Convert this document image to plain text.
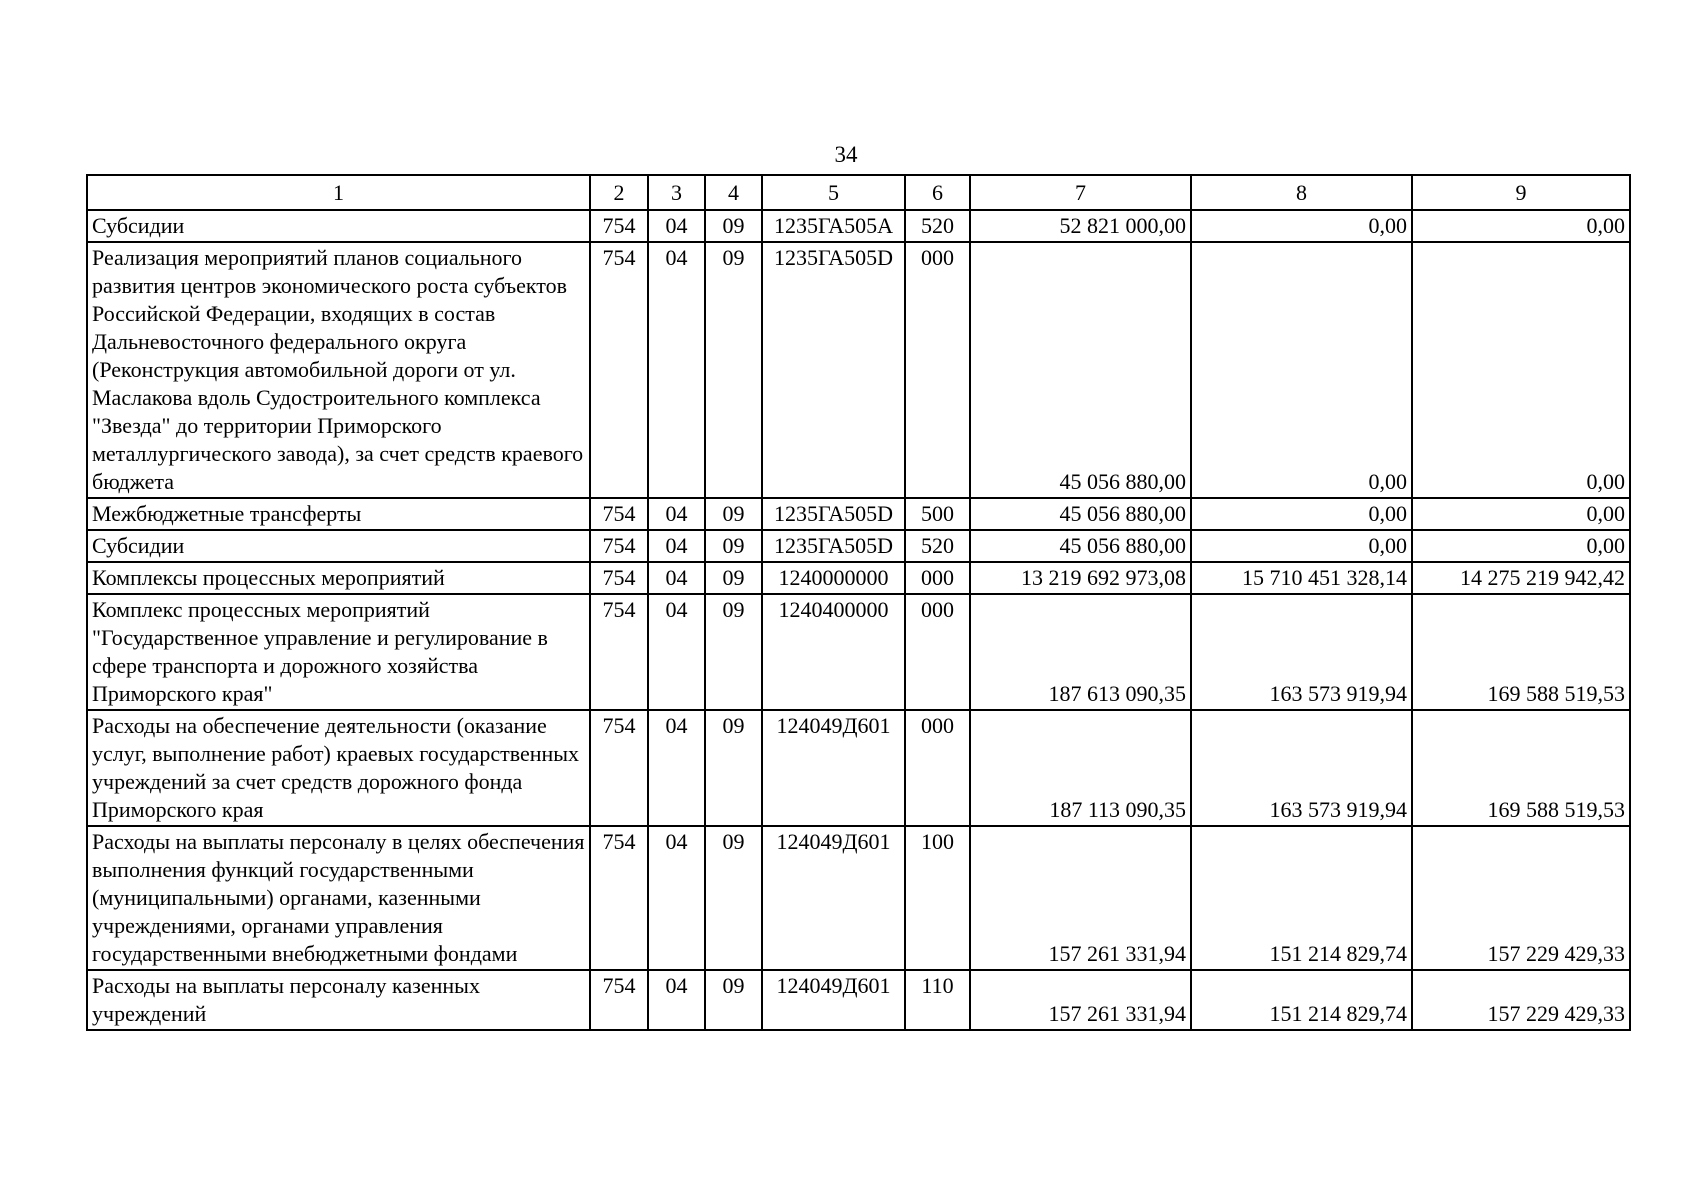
34
1	2	3	4	5	6	7	8	9
Субсидии	754	04	09	1235ГА505А	520	52 821 000,00	0,00	0,00
Реализация мероприятий планов социального развития центров экономического роста субъектов Российской Федерации, входящих в состав Дальневосточного федерального округа (Реконструкция автомобильной дороги от ул. Маслакова вдоль Судостроительного комплекса "Звезда" до территории Приморского металлургического завода), за счет средств краевого бюджета	754	04	09	1235ГА505D	000	45 056 880,00	0,00	0,00
Межбюджетные трансферты	754	04	09	1235ГА505D	500	45 056 880,00	0,00	0,00
Субсидии	754	04	09	1235ГА505D	520	45 056 880,00	0,00	0,00
Комплексы процессных мероприятий	754	04	09	1240000000	000	13 219 692 973,08	15 710 451 328,14	14 275 219 942,42
Комплекс процессных мероприятий "Государственное управление и регулирование в сфере транспорта и дорожного хозяйства Приморского края"	754	04	09	1240400000	000	187 613 090,35	163 573 919,94	169 588 519,53
Расходы на обеспечение деятельности (оказание услуг, выполнение работ) краевых государственных учреждений за счет средств дорожного фонда Приморского края	754	04	09	124049Д601	000	187 113 090,35	163 573 919,94	169 588 519,53
Расходы на выплаты персоналу в целях обеспечения выполнения функций государственными (муниципальными) органами, казенными учреждениями, органами управления государственными внебюджетными фондами	754	04	09	124049Д601	100	157 261 331,94	151 214 829,74	157 229 429,33
Расходы на выплаты персоналу казенных учреждений	754	04	09	124049Д601	110	157 261 331,94	151 214 829,74	157 229 429,33
